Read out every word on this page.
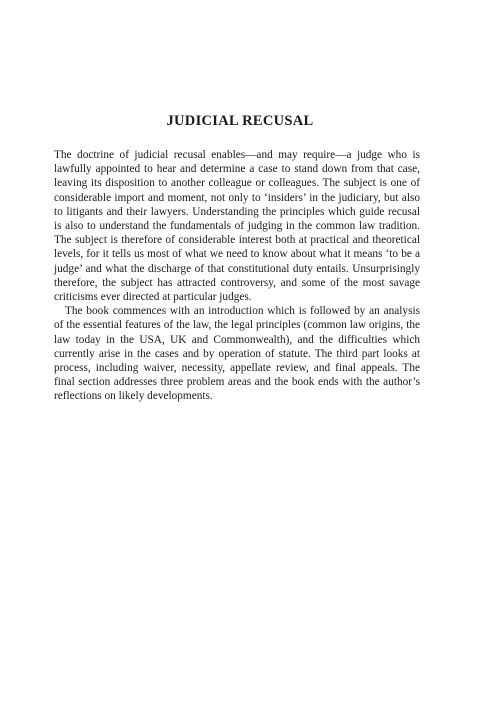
JUDICIAL RECUSAL

The doctrine of judicial recusal enables—and may require—a judge who is lawfully appointed to hear and determine a case to stand down from that case, leaving its disposition to another colleague or colleagues. The subject is one of considerable import and moment, not only to ‘insiders’ in the judiciary, but also to litigants and their lawyers. Understanding the principles which guide recusal is also to understand the fundamentals of judging in the common law tradition. The subject is therefore of considerable interest both at practical and theoretical levels, for it tells us most of what we need to know about what it means ‘to be a judge’ and what the discharge of that constitutional duty entails. Unsurprisingly therefore, the subject has attracted controversy, and some of the most savage criticisms ever directed at particular judges.

The book commences with an introduction which is followed by an analysis of the essential features of the law, the legal principles (common law origins, the law today in the USA, UK and Commonwealth), and the difficulties which currently arise in the cases and by operation of statute. The third part looks at process, including waiver, necessity, appellate review, and final appeals. The final section addresses three problem areas and the book ends with the author’s reflections on likely developments.
